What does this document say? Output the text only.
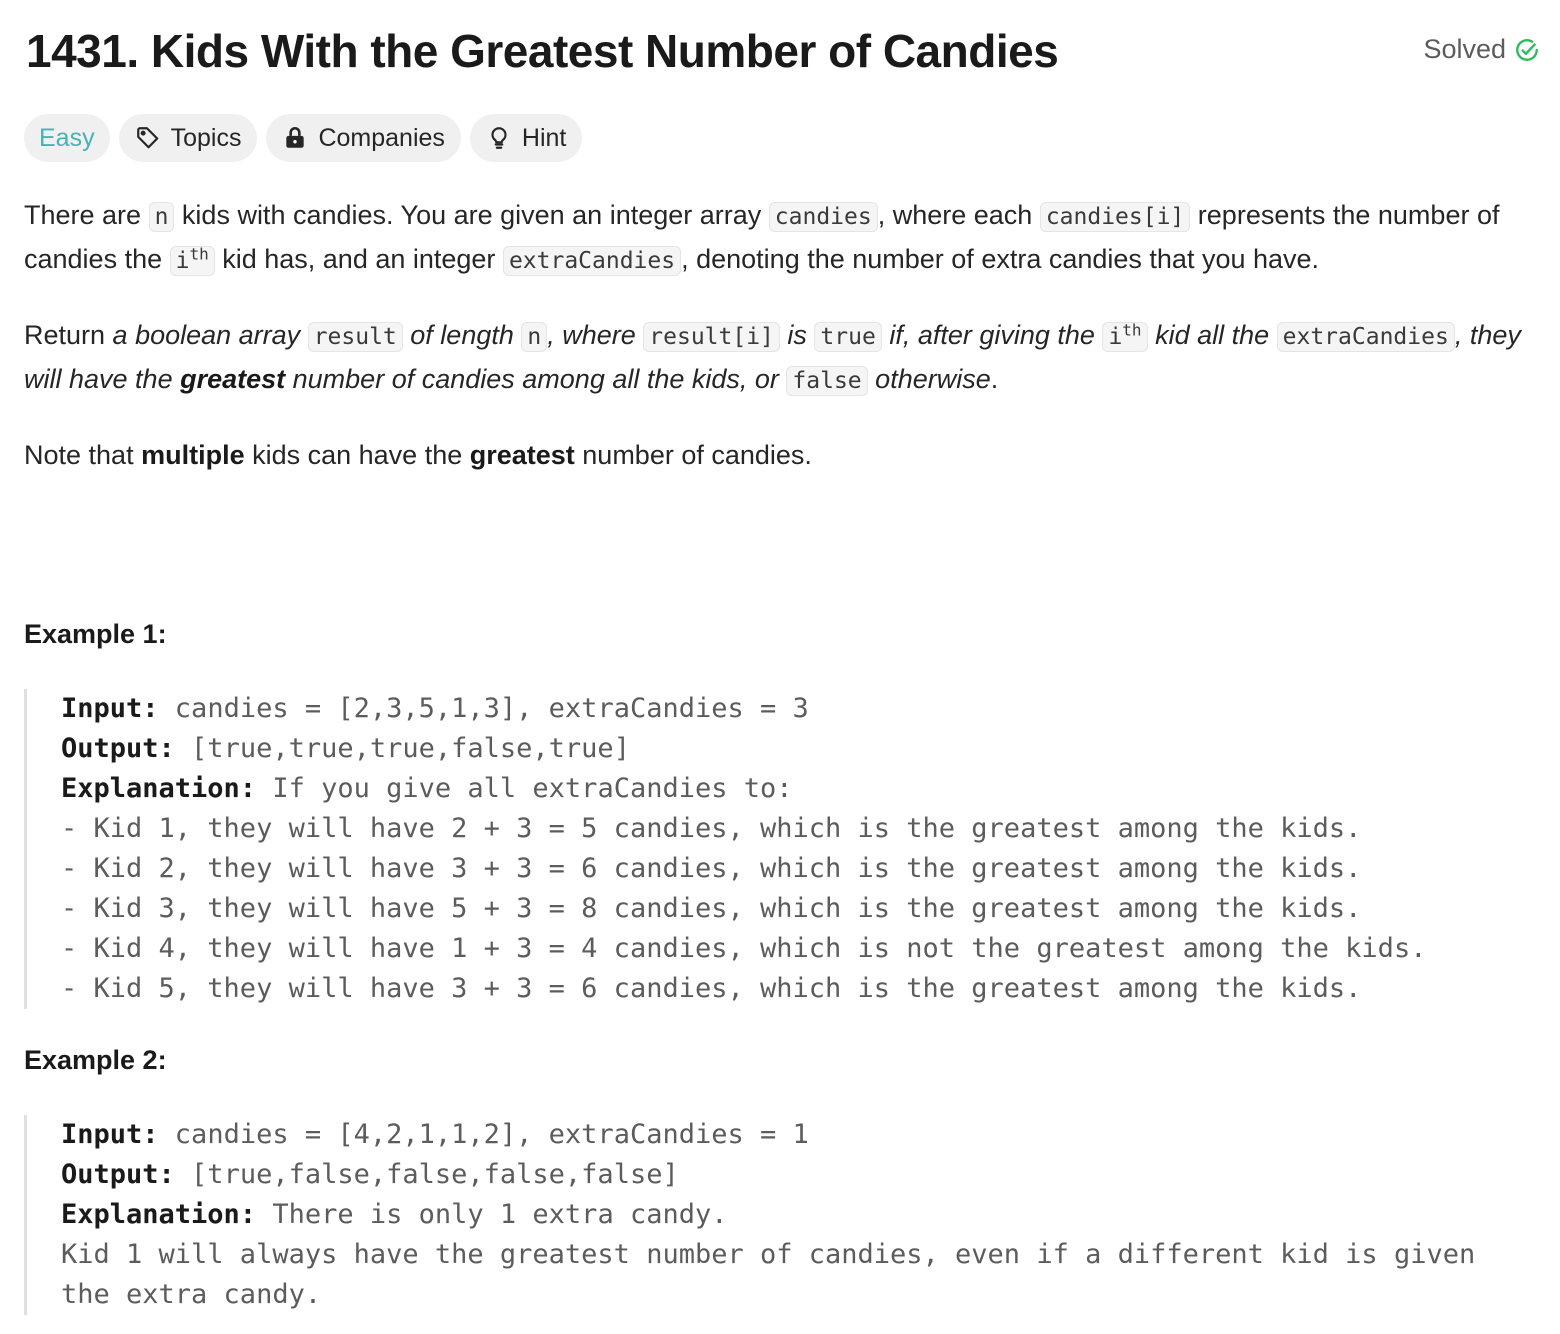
1431. Kids With the Greatest Number of Candies	Solved
Easy	Topics	Companies	Hint

There are n kids with candies. You are given an integer array candies , where each candies[i] represents the number of candies the $i^{th}$ kid has, and an integer extraCandies , denoting the number of extra candies that you have.

Return a boolean array result of length n , where result[i] is true if, after giving the $i^{th}$ kid all the extraCandies , they will have the greatest number of candies among all the kids, or false otherwise.

Note that multiple kids can have the greatest number of candies.

Example 1:
Input: candies = [2,3,5,1,3], extraCandies = 3
Output: [true,true,true,false,true]
Explanation: If you give all extraCandies to:
- Kid 1, they will have 2 + 3 = 5 candies, which is the greatest among the kids.
- Kid 2, they will have 3 + 3 = 6 candies, which is the greatest among the kids.
- Kid 3, they will have 5 + 3 = 8 candies, which is the greatest among the kids.
- Kid 4, they will have 1 + 3 = 4 candies, which is not the greatest among the kids.
- Kid 5, they will have 3 + 3 = 6 candies, which is the greatest among the kids.
Example 2:
Input: candies = [4,2,1,1,2], extraCandies = 1
Output: [true,false,false,false,false]
Explanation: There is only 1 extra candy.
Kid 1 will always have the greatest number of candies, even if a different kid is given
the extra candy.
